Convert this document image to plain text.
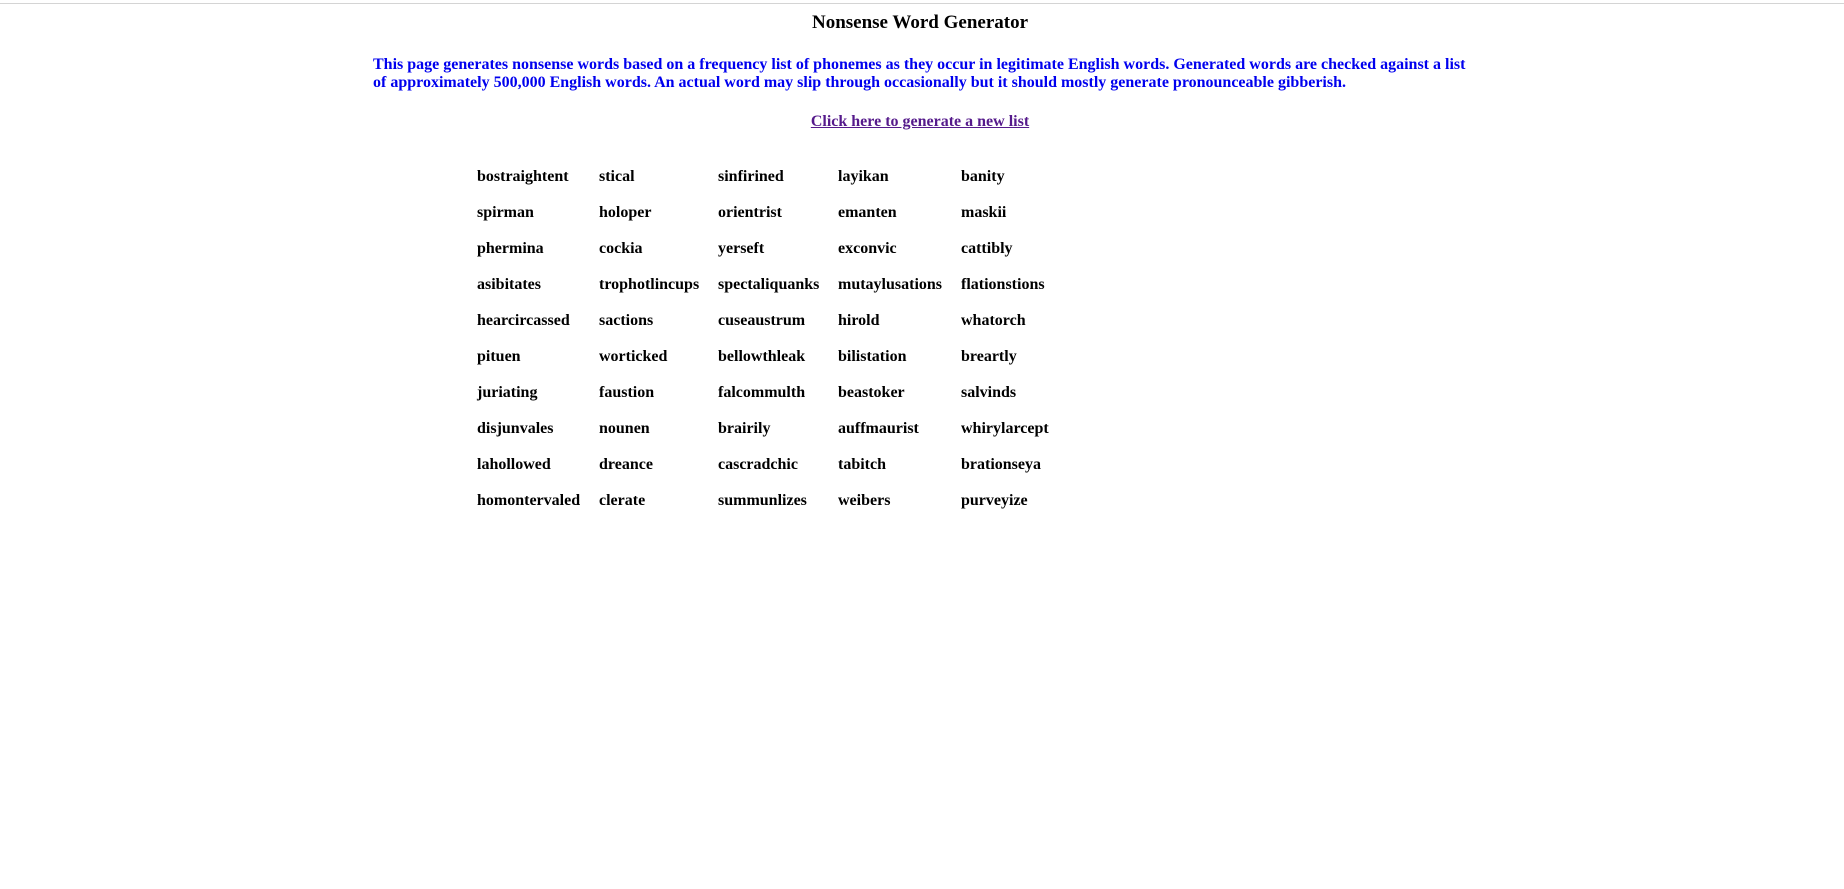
Nonsense Word Generator
This page generates nonsense words based on a frequency list of phonemes as they occur in legitimate English words. Generated words are checked against a list of approximately 500,000 English words. An actual word may slip through occasionally but it should mostly generate pronounceable gibberish.
Click here to generate a new list
bostraightent	stical	sinfirined	layikan	banity
spirman	holoper	orientrist	emanten	maskii
phermina	cockia	yerseft	exconvic	cattibly
asibitates	trophotlincups	spectaliquanks	mutaylusations	flationstions
hearcircassed	sactions	cuseaustrum	hirold	whatorch
pituen	worticked	bellowthleak	bilistation	breartly
juriating	faustion	falcommulth	beastoker	salvinds
disjunvales	nounen	brairily	auffmaurist	whirylarcept
lahollowed	dreance	cascradchic	tabitch	brationseya
homontervaled	clerate	summunlizes	weibers	purveyize
